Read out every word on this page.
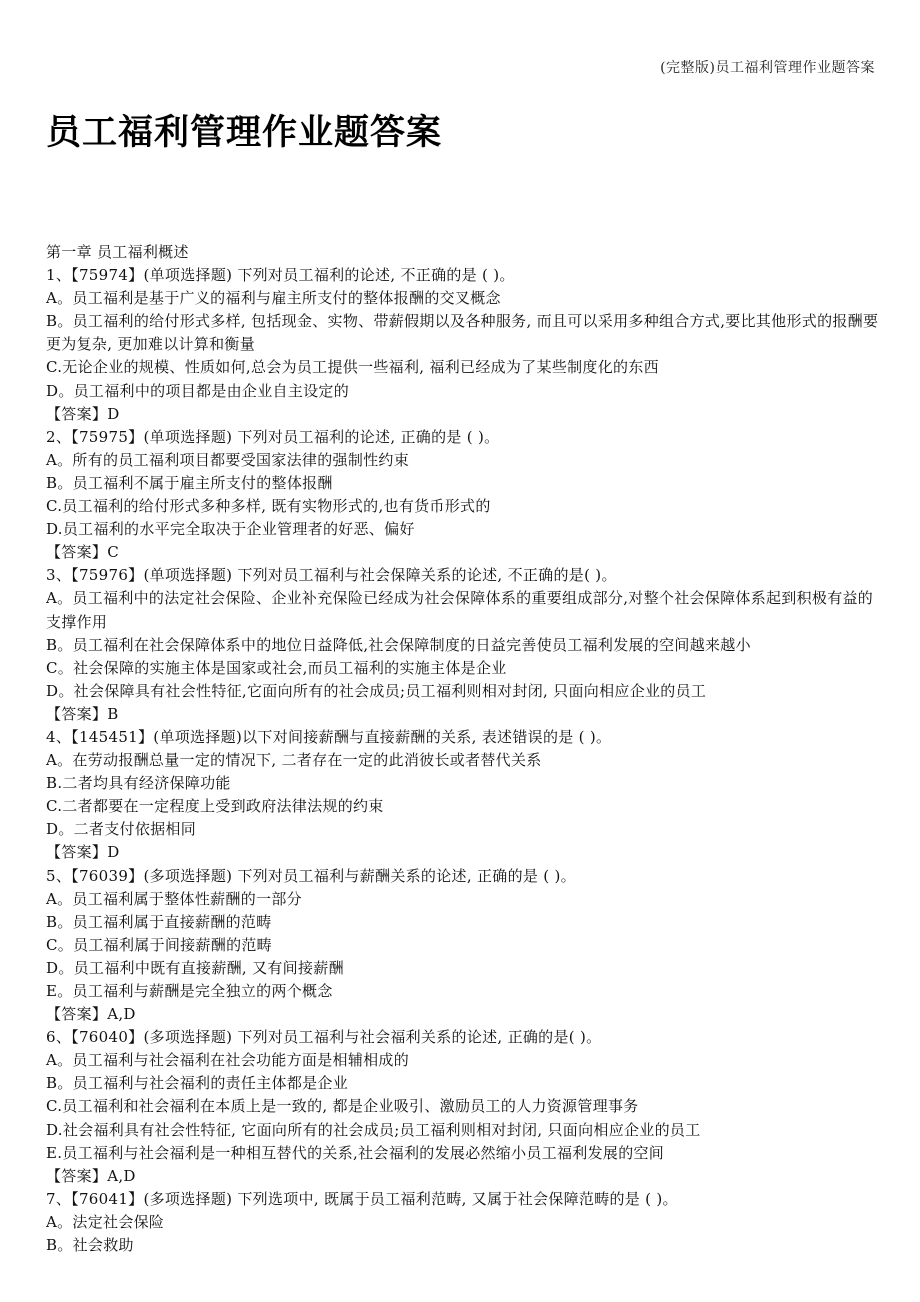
(完整版)员工福利管理作业题答案
员工福利管理作业题答案
第一章 员工福利概述
1、【75974】(单项选择题) 下列对员工福利的论述, 不正确的是 ( )。
A。员工福利是基于广义的福利与雇主所支付的整体报酬的交叉概念
B。员工福利的给付形式多样, 包括现金、实物、带薪假期以及各种服务, 而且可以采用多种组合方式,要比其他形式的报酬要更为复杂, 更加难以计算和衡量
C.无论企业的规模、性质如何,总会为员工提供一些福利, 福利已经成为了某些制度化的东西
D。员工福利中的项目都是由企业自主设定的
【答案】D
2、【75975】(单项选择题) 下列对员工福利的论述, 正确的是 ( )。
A。所有的员工福利项目都要受国家法律的强制性约束
B。员工福利不属于雇主所支付的整体报酬
C.员工福利的给付形式多种多样, 既有实物形式的,也有货币形式的
D.员工福利的水平完全取决于企业管理者的好恶、偏好
【答案】C
3、【75976】(单项选择题) 下列对员工福利与社会保障关系的论述, 不正确的是( )。
A。员工福利中的法定社会保险、企业补充保险已经成为社会保障体系的重要组成部分,对整个社会保障体系起到积极有益的支撑作用
B。员工福利在社会保障体系中的地位日益降低,社会保障制度的日益完善使员工福利发展的空间越来越小
C。社会保障的实施主体是国家或社会,而员工福利的实施主体是企业
D。社会保障具有社会性特征,它面向所有的社会成员;员工福利则相对封闭, 只面向相应企业的员工
【答案】B
4、【145451】(单项选择题)以下对间接薪酬与直接薪酬的关系, 表述错误的是 ( )。
A。在劳动报酬总量一定的情况下, 二者存在一定的此消彼长或者替代关系
B.二者均具有经济保障功能
C.二者都要在一定程度上受到政府法律法规的约束
D。二者支付依据相同
【答案】D
5、【76039】(多项选择题) 下列对员工福利与薪酬关系的论述, 正确的是 ( )。
A。员工福利属于整体性薪酬的一部分
B。员工福利属于直接薪酬的范畴
C。员工福利属于间接薪酬的范畴
D。员工福利中既有直接薪酬, 又有间接薪酬
E。员工福利与薪酬是完全独立的两个概念
【答案】A,D
6、【76040】(多项选择题) 下列对员工福利与社会福利关系的论述, 正确的是( )。
A。员工福利与社会福利在社会功能方面是相辅相成的
B。员工福利与社会福利的责任主体都是企业
C.员工福利和社会福利在本质上是一致的, 都是企业吸引、激励员工的人力资源管理事务
D.社会福利具有社会性特征, 它面向所有的社会成员;员工福利则相对封闭, 只面向相应企业的员工
E.员工福利与社会福利是一种相互替代的关系,社会福利的发展必然缩小员工福利发展的空间
【答案】A,D
7、【76041】(多项选择题) 下列选项中, 既属于员工福利范畴, 又属于社会保障范畴的是 ( )。
A。法定社会保险
B。社会救助
